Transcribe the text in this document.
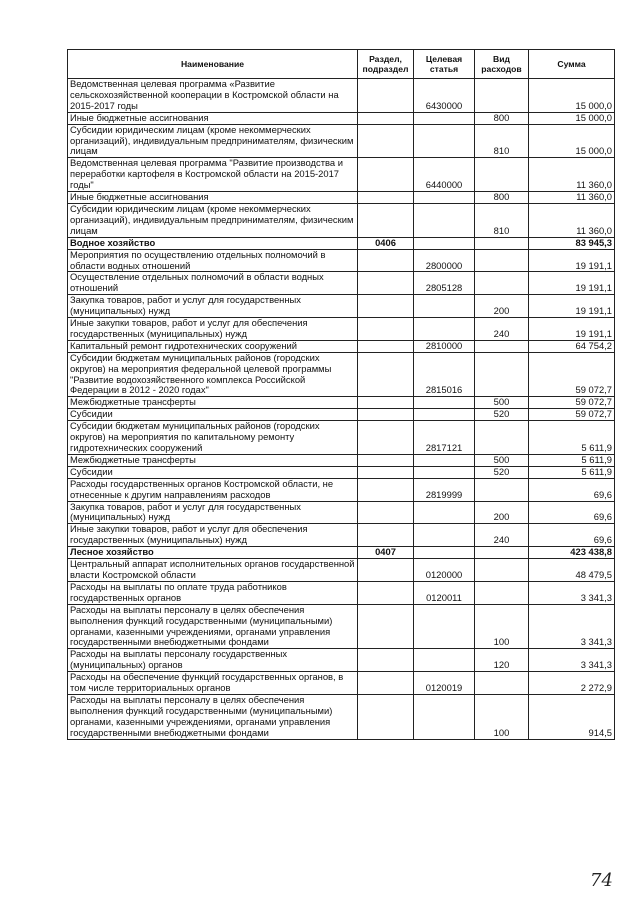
Наименование	Раздел, подраздел	Целевая статья	Вид расходов	Сумма
Ведомственная целевая программа «Развитие сельскохозяйственной кооперации в Костромской области на 2015-2017 годы		6430000		15 000,0
Иные бюджетные ассигнования			800	15 000,0
Субсидии юридическим лицам (кроме некоммерческих организаций), индивидуальным предпринимателям, физическим лицам			810	15 000,0
Ведомственная целевая программа "Развитие производства и переработки картофеля в Костромской области на 2015-2017 годы"		6440000		11 360,0
Иные бюджетные ассигнования			800	11 360,0
Субсидии юридическим лицам (кроме некоммерческих организаций), индивидуальным предпринимателям, физическим лицам			810	11 360,0
Водное хозяйство	0406			83 945,3
Мероприятия по осуществлению отдельных полномочий в области водных отношений		2800000		19 191,1
Осуществление отдельных полномочий в области водных отношений		2805128		19 191,1
Закупка товаров, работ и услуг для государственных (муниципальных) нужд			200	19 191,1
Иные закупки товаров, работ и услуг для обеспечения государственных (муниципальных) нужд			240	19 191,1
Капитальный ремонт гидротехнических сооружений		2810000		64 754,2
Субсидии бюджетам муниципальных районов (городских округов) на мероприятия федеральной целевой программы "Развитие водохозяйственного комплекса Российской Федерации в 2012 - 2020 годах"		2815016		59 072,7
Межбюджетные трансферты			500	59 072,7
Субсидии			520	59 072,7
Субсидии бюджетам муниципальных районов (городских округов) на мероприятия по капитальному ремонту гидротехнических сооружений		2817121		5 611,9
Межбюджетные трансферты			500	5 611,9
Субсидии			520	5 611,9
Расходы государственных органов Костромской области, не отнесенные к другим направлениям расходов		2819999		69,6
Закупка товаров, работ и услуг для государственных (муниципальных) нужд			200	69,6
Иные закупки товаров, работ и услуг для обеспечения государственных (муниципальных) нужд			240	69,6
Лесное хозяйство	0407			423 438,8
Центральный аппарат исполнительных органов государственной власти Костромской области		0120000		48 479,5
Расходы на выплаты по оплате труда работников государственных органов		0120011		3 341,3
Расходы на выплаты персоналу в целях обеспечения выполнения функций государственными (муниципальными) органами, казенными учреждениями, органами управления государственными внебюджетными фондами			100	3 341,3
Расходы на выплаты персоналу государственных (муниципальных) органов			120	3 341,3
Расходы на обеспечение функций государственных органов, в том числе территориальных органов		0120019		2 272,9
Расходы на выплаты персоналу в целях обеспечения выполнения функций государственными (муниципальными) органами, казенными учреждениями, органами управления государственными внебюджетными фондами			100	914,5
74
